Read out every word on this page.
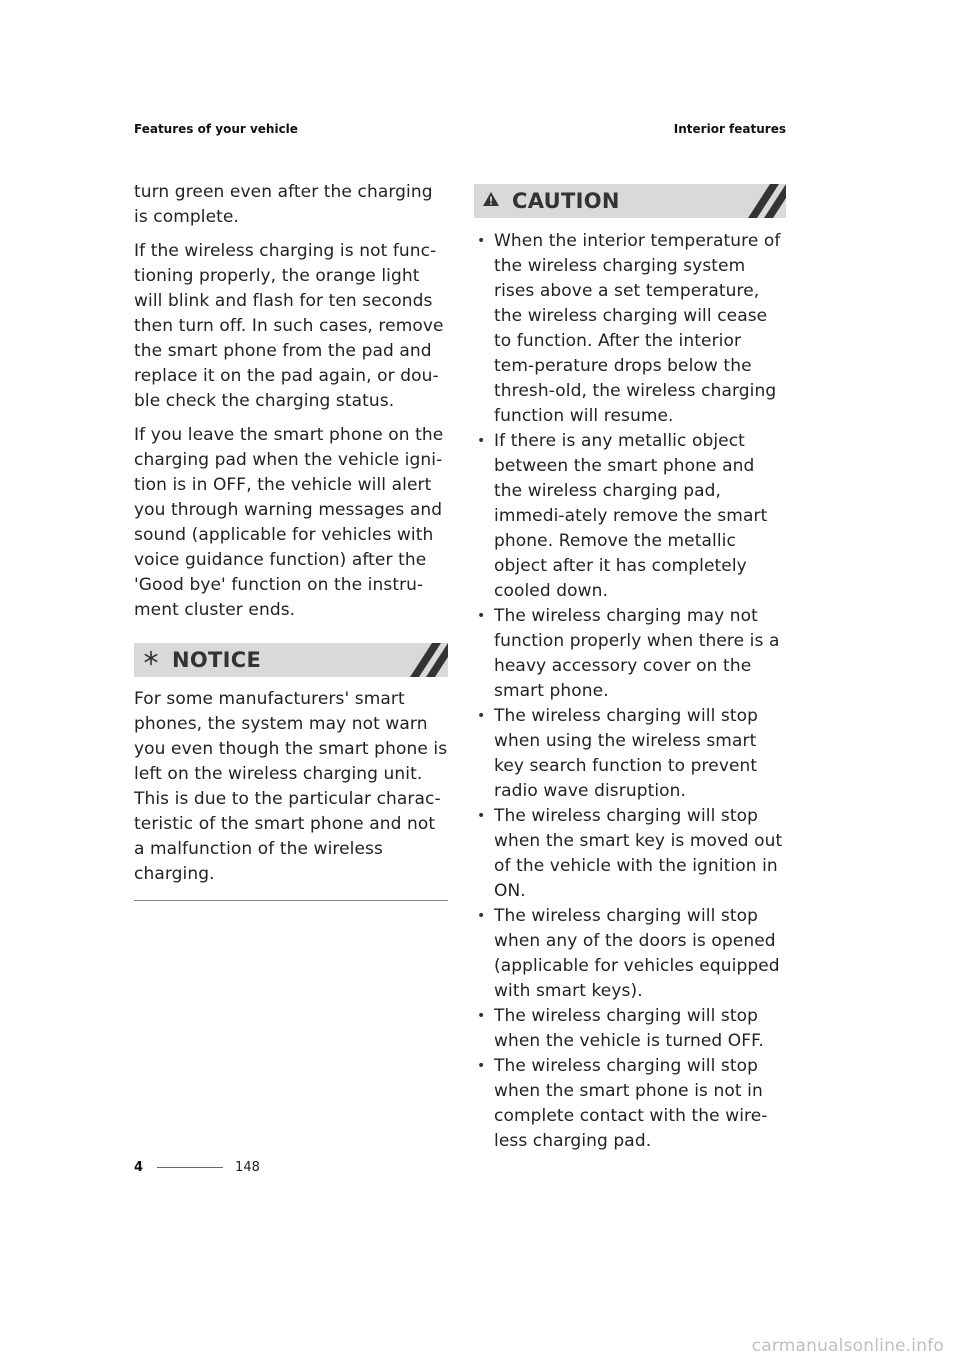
Features of your vehicle	Interior features

turn green even after the charging is complete.

If the wireless charging is not func-tioning properly, the orange light will blink and flash for ten seconds then turn off. In such cases, remove the smart phone from the pad and replace it on the pad again, or dou-ble check the charging status.

If you leave the smart phone on the charging pad when the vehicle igni-tion is in OFF, the vehicle will alert you through warning messages and sound (applicable for vehicles with voice guidance function) after the 'Good bye' function on the instru-ment cluster ends.

NOTICE

For some manufacturers' smart phones, the system may not warn you even though the smart phone is left on the wireless charging unit. This is due to the particular charac-teristic of the smart phone and not a malfunction of the wireless charging.

CAUTION
• When the interior temperature of the wireless charging system rises above a set temperature, the wireless charging will cease to function. After the interior tem-perature drops below the thresh-old, the wireless charging function will resume.
• If there is any metallic object between the smart phone and the wireless charging pad, immedi-ately remove the smart phone. Remove the metallic object after it has completely cooled down.
• The wireless charging may not function properly when there is a heavy accessory cover on the smart phone.
• The wireless charging will stop when using the wireless smart key search function to prevent radio wave disruption.
• The wireless charging will stop when the smart key is moved out of the vehicle with the ignition in ON.
• The wireless charging will stop when any of the doors is opened (applicable for vehicles equipped with smart keys).
• The wireless charging will stop when the vehicle is turned OFF.
• The wireless charging will stop when the smart phone is not in complete contact with the wire-less charging pad.
4	148
carmanualsonline.info
